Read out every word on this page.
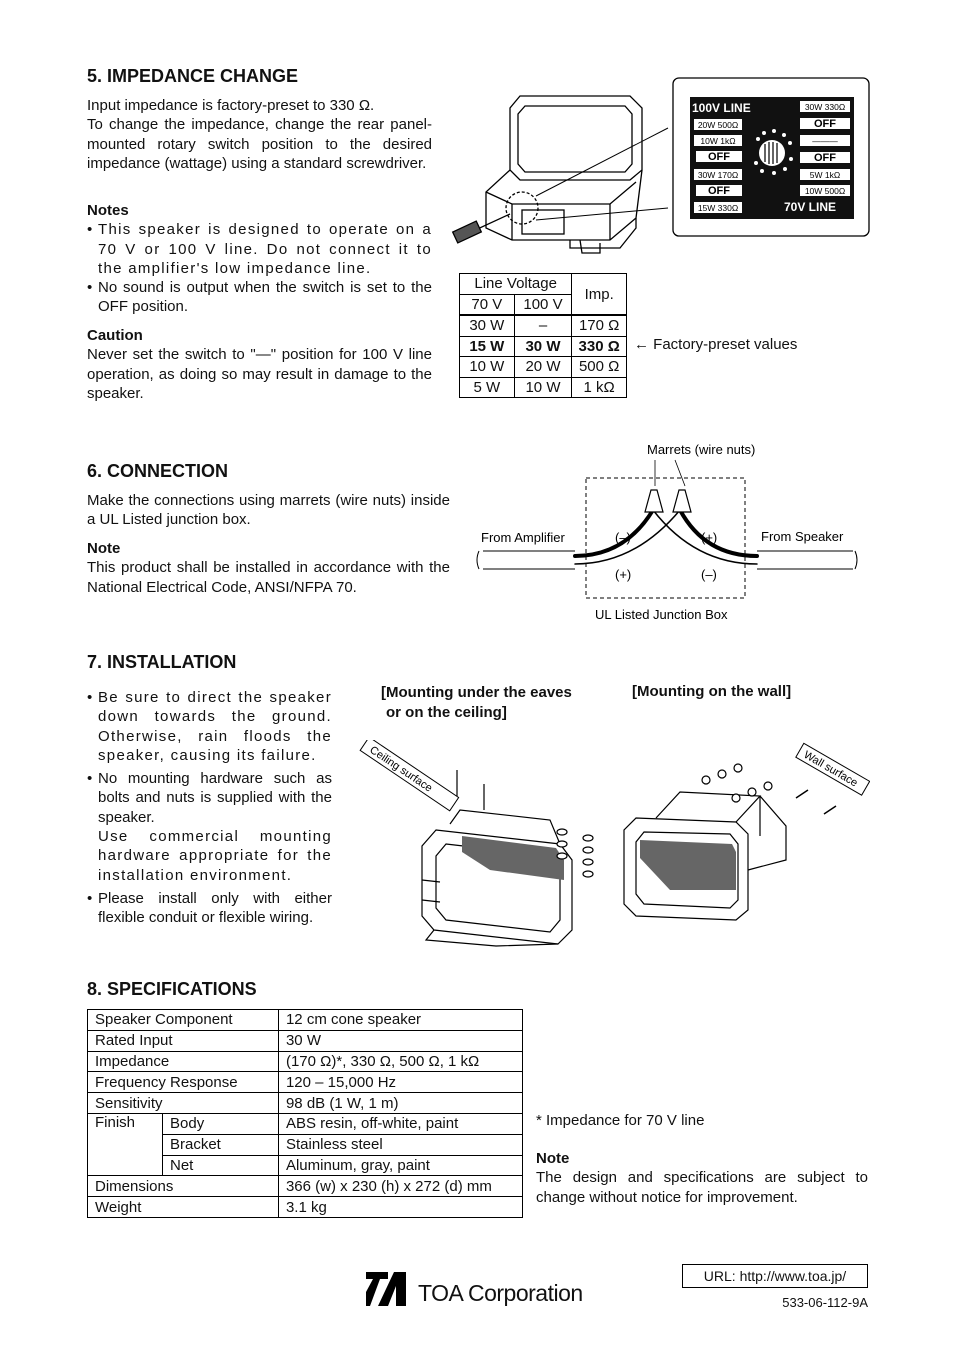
5. IMPEDANCE CHANGE
Input impedance is factory-preset to 330 Ω.
To change the impedance, change the rear panel-mounted rotary switch position to the desired impedance (wattage) using a standard screwdriver.
Notes
• This speaker is designed to operate on a 70 V or 100 V line. Do not connect it to the amplifier's low impedance line.
• No sound is output when the switch is set to the OFF position.
Caution
Never set the switch to "—" position for 100 V line operation, as doing so may result in damage to the speaker.
100V LINE
70V LINE
20W 500Ω
10W 1kΩ
OFF
30W 170Ω
OFF
15W 330Ω
30W 330Ω
OFF
———
OFF
5W 1kΩ
10W 500Ω
Line Voltage		Imp.
70 V	100 V	
30 W	–	170 Ω
15 W	30 W	330 Ω
10 W	20 W	500 Ω
5 W	10 W	1 kΩ
← Factory-preset values
6. CONNECTION
Make the connections using marrets (wire nuts) inside a UL Listed junction box.
Note
This product shall be installed in accordance with the National Electrical Code, ANSI/NFPA 70.
Marrets (wire nuts)
From Amplifier	From Speaker
UL Listed Junction Box
(–)	(+)
(+)	(–)
7. INSTALLATION
• Be sure to direct the speaker down towards the ground. Otherwise, rain floods the speaker, causing its failure.
• No mounting hardware such as bolts and nuts is supplied with the speaker.
Use commercial mounting hardware appropriate for the installation environment.
• Please install only with either flexible conduit or flexible wiring.
[Mounting under the eaves
or on the ceiling]
[Mounting on the wall]
Ceiling surface	Wall surface
8. SPECIFICATIONS
Speaker Component		12 cm cone speaker
Rated Input		30 W
Impedance		(170 Ω)*, 330 Ω, 500 Ω, 1 kΩ
Frequency Response		120 – 15,000 Hz
Sensitivity		98 dB (1 W, 1 m)
Finish	Body	ABS resin, off-white, paint
	Bracket	Stainless steel
	Net	Aluminum, gray, paint
Dimensions		366 (w) x 230 (h) x 272 (d) mm
Weight		3.1 kg
* Impedance for 70 V line
Note
The design and specifications are subject to change without notice for improvement.
TOA Corporation
URL: http://www.toa.jp/
533-06-112-9A
